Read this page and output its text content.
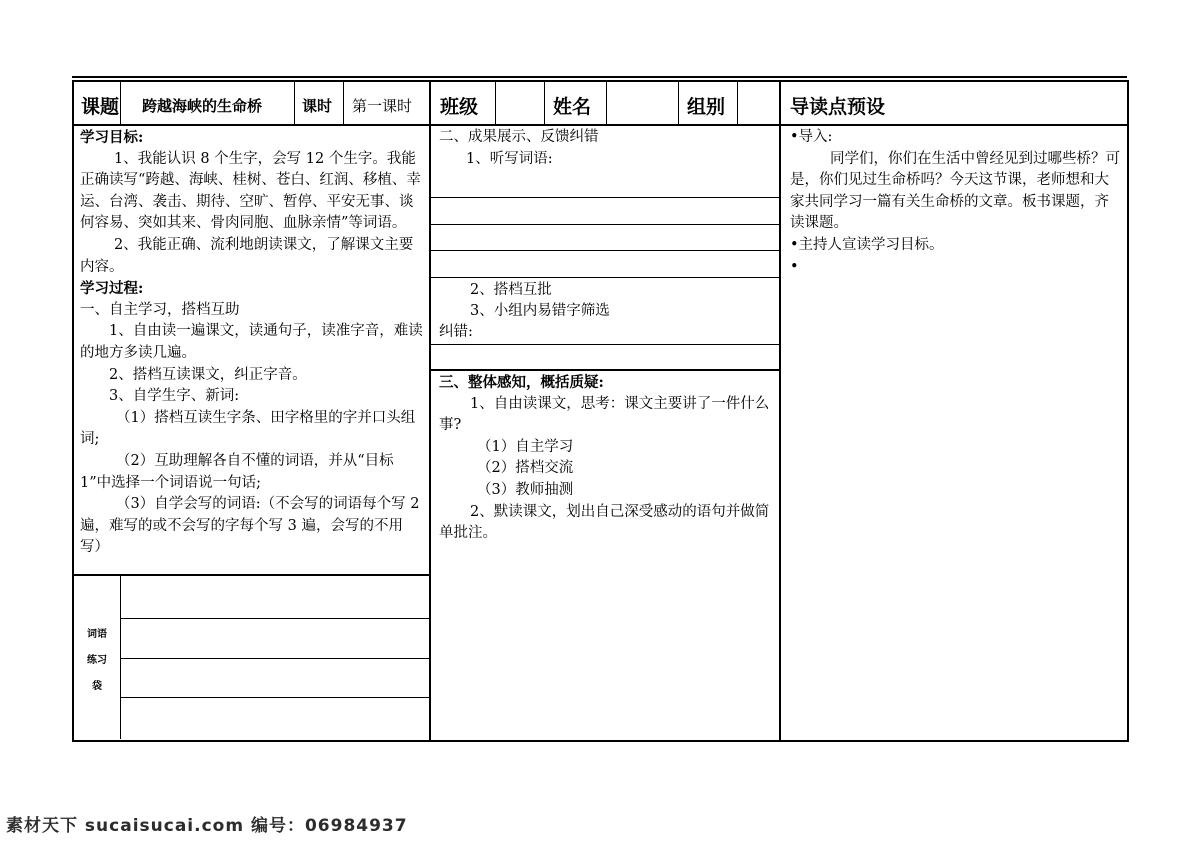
课题 跨越海峡的生命桥	课时 第一课时 班级	姓名	组别	导读点预设

学习目标:

1、我能认识 8 个生字，会写 12 个生字。我能正确读写“跨越、海峡、桂树、苍白、红润、移植、幸运、台湾、袭击、期待、空旷、暂停、平安无事、谈何容易、突如其来、骨肉同胞、血脉亲情”等词语。

2、我能正确、流利地朗读课文，了解课文主要内容。

学习过程:

一、自主学习，搭档互助

1、自由读一遍课文，读通句子，读准字音，难读的地方多读几遍。

2、搭档互读课文，纠正字音。

3、自学生字、新词:

（1）搭档互读生字条、田字格里的字并口头组词;

（2）互助理解各自不懂的词语，并从“目标 1”中选择一个词语说一句话;

（3）自学会写的词语:（不会写的词语每个写 2 遍，难写的或不会写的字每个写 3 遍，会写的不用写）

词语
练习
袋
二、成果展示、反馈纠错
1、听写词语:
2、搭档互批
3、小组内易错字筛选
纠错:

三、整体感知，概括质疑:

1、自由读课文，思考：课文主要讲了一件什么事?

（1）自主学习

（2）搭档交流

（3）教师抽测

2、默读课文，划出自己深受感动的语句并做简单批注。

•导入:

同学们，你们在生活中曾经见到过哪些桥？可是，你们见过生命桥吗？今天这节课，老师想和大家共同学习一篇有关生命桥的文章。板书课题，齐读课题。

•主持人宣读学习目标。

•

素材天下 sucaisucai.com 编号：06984937
